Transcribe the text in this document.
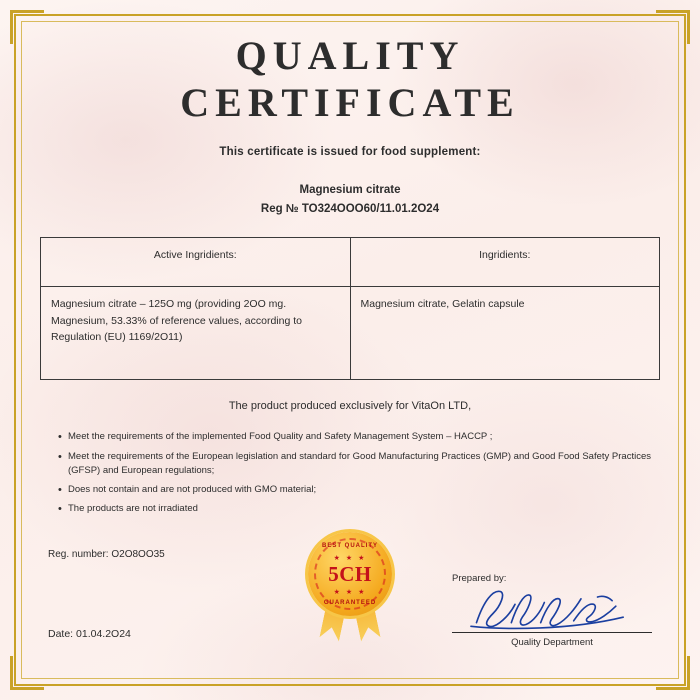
QUALITY
CERTIFICATE
This certificate is issued for food supplement:
Magnesium citrate
Reg № TO324OOO60/11.01.2O24
Active Ingridients:	Ingridients:
Magnesium citrate – 125O mg (providing 2OO mg. Magnesium, 53.33% of reference values, according to Regulation (EU) 1169/2O11)	Magnesium citrate, Gelatin capsule
The product produced exclusively for VitaOn LTD,
• Meet the requirements of the implemented Food Quality and Safety Management System – HACCP ;
• Meet the requirements of the European legislation and standard for Good Manufacturing Practices (GMP) and Good Food Safety Practices (GFSP) and European regulations;
• Does not contain and are not produced with GMO material;
• The products are not irradiated
Reg. number: O2O8OO35
Date: 01.04.2O24
BEST QUALITY
★ ★ ★
5CH
★ ★ ★
GUARANTEED
Prepared by:
Quality Department
